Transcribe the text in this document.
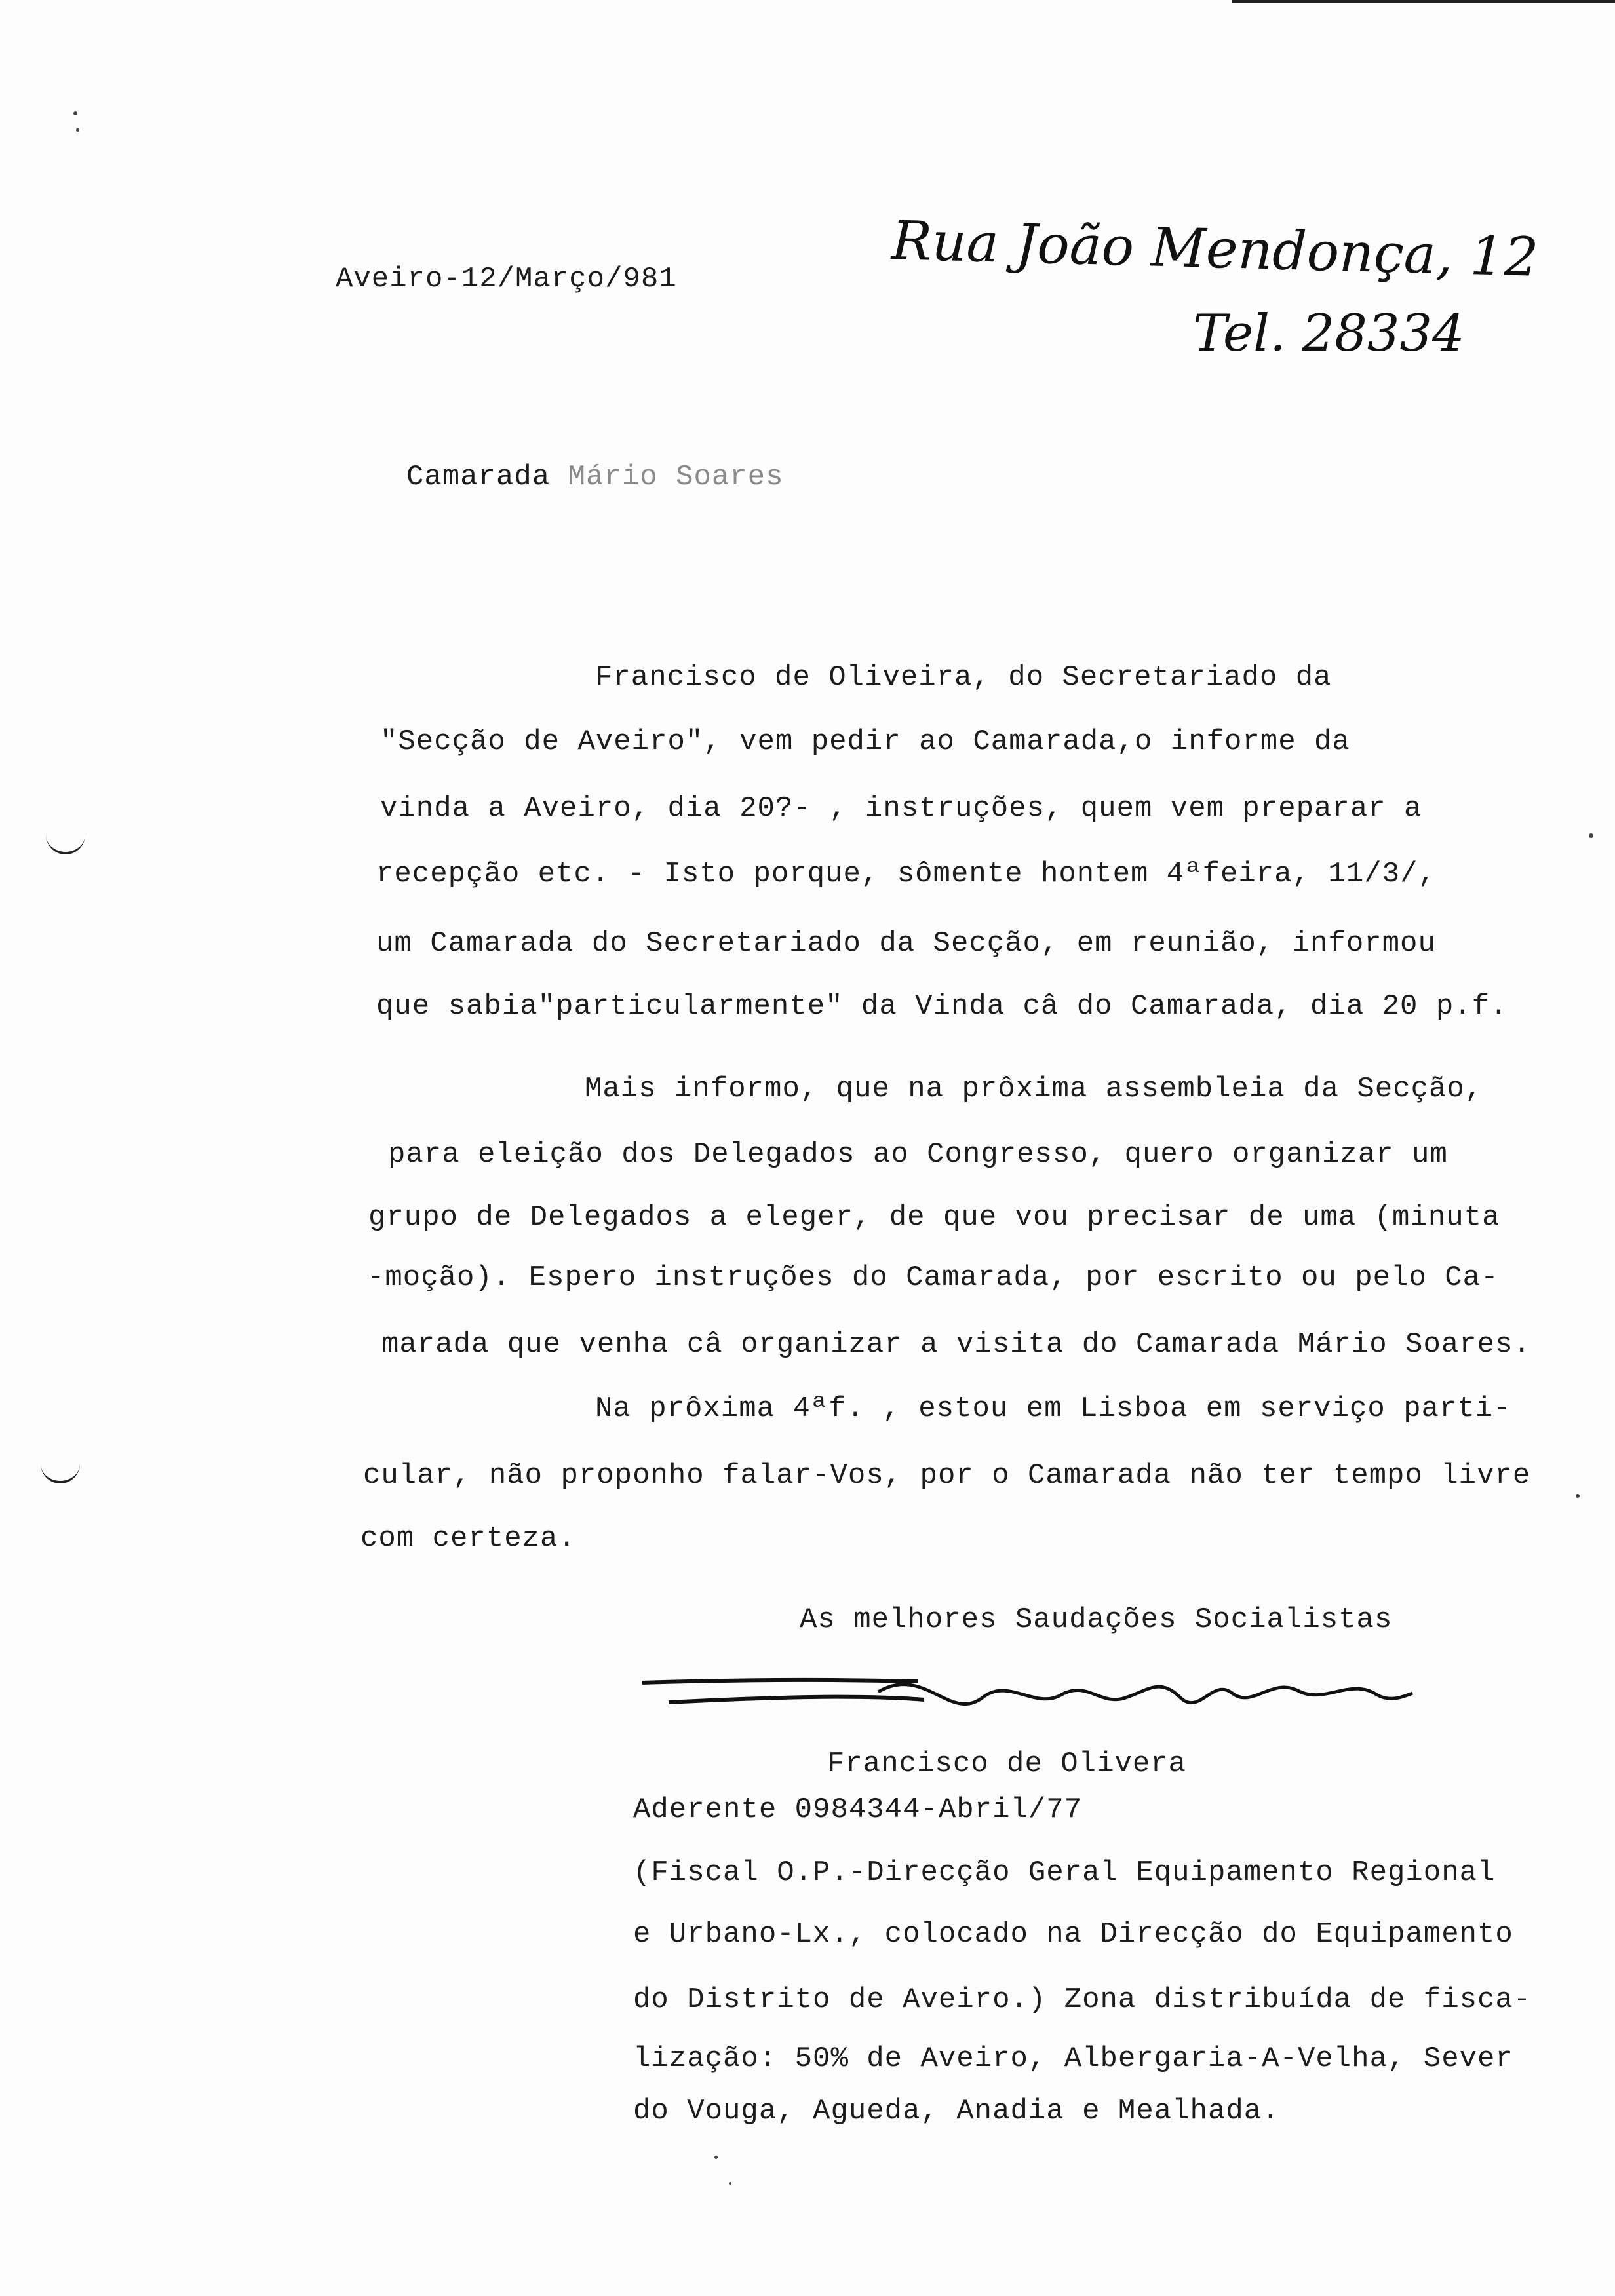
Aveiro-12/Março/981	Rua João Mendonça, 12
Tel. 28334
Camarada Mário Soares
Francisco de Oliveira, do Secretariado da
"Secção de Aveiro", vem pedir ao Camarada,o informe da
vinda a Aveiro, dia 20?- , instruções, quem vem preparar a
recepção etc. - Isto porque, sômente hontem 4ªfeira, 11/3/,
um Camarada do Secretariado da Secção, em reunião, informou
que sabia"particularmente" da Vinda câ do Camarada, dia 20 p.f.
Mais informo, que na prôxima assembleia da Secção,
para eleição dos Delegados ao Congresso, quero organizar um
grupo de Delegados a eleger, de que vou precisar de uma (minuta
-moção). Espero instruções do Camarada, por escrito ou pelo Ca-
marada que venha câ organizar a visita do Camarada Mário Soares.
Na prôxima 4ªf. , estou em Lisboa em serviço parti-
cular, não proponho falar-Vos, por o Camarada não ter tempo livre
com certeza.
As melhores Saudações Socialistas
Francisco de Olivera
Aderente 0984344-Abril/77
(Fiscal O.P.-Direcção Geral Equipamento Regional
e Urbano-Lx., colocado na Direcção do Equipamento
do Distrito de Aveiro.) Zona distribuída de fisca-
lização: 50% de Aveiro, Albergaria-A-Velha, Sever
do Vouga, Agueda, Anadia e Mealhada.
